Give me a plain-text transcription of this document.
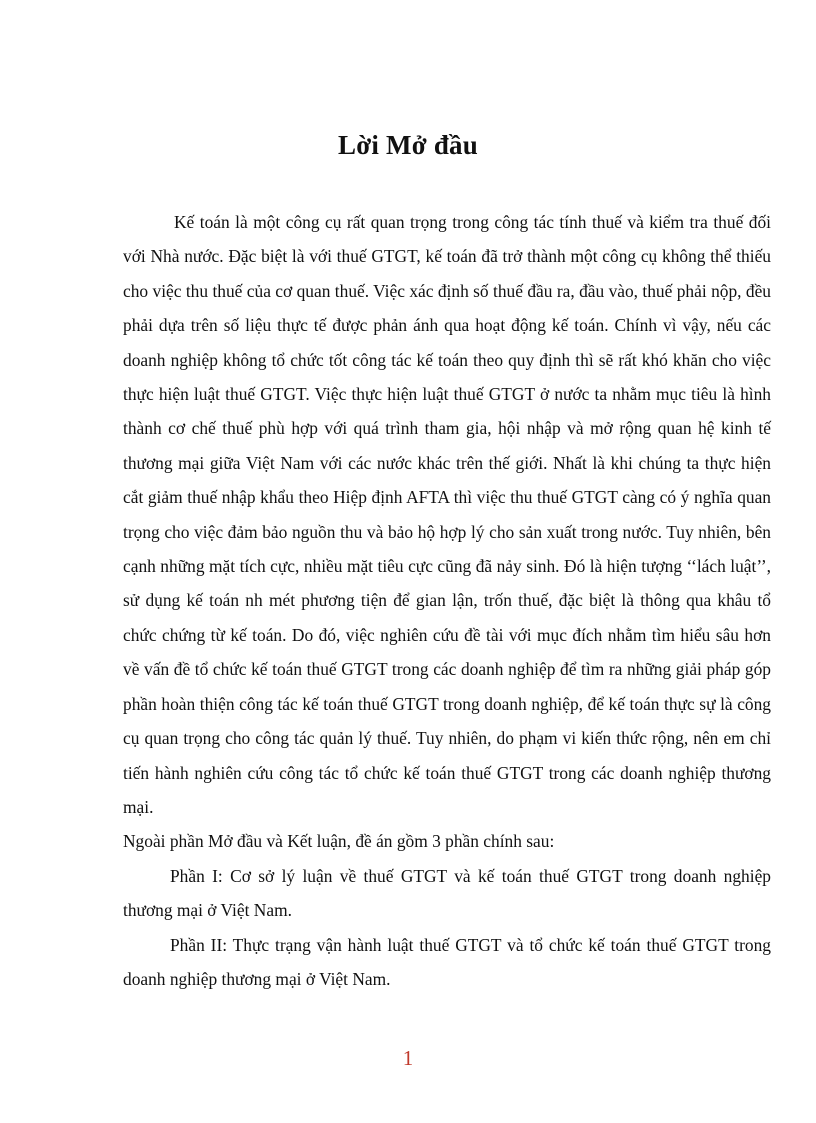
Lời Mở đầu

Kế toán là một công cụ rất quan trọng trong công tác tính thuế và kiểm tra thuế đối với Nhà nước. Đặc biệt là với thuế GTGT, kế toán đã trở thành một công cụ không thể thiếu cho việc thu thuế của cơ quan thuế. Việc xác định số thuế đầu ra, đầu vào, thuế phải nộp, đều phải dựa trên số liệu thực tế được phản ánh qua hoạt động kế toán. Chính vì vậy, nếu các doanh nghiệp không tổ chức tốt công tác kế toán theo quy định thì sẽ rất khó khăn cho việc thực hiện luật thuế GTGT. Việc thực hiện luật thuế GTGT ở nước ta nhằm mục tiêu là hình thành cơ chế thuế phù hợp với quá trình tham gia, hội nhập và mở rộng quan hệ kinh tế thương mại giữa Việt Nam với các nước khác trên thế giới. Nhất là khi chúng ta thực hiện cắt giảm thuế nhập khẩu theo Hiệp định AFTA thì việc thu thuế GTGT càng có ý nghĩa quan trọng cho việc đảm bảo nguồn thu và bảo hộ hợp lý cho sản xuất trong nước. Tuy nhiên, bên cạnh những mặt tích cực, nhiều mặt tiêu cực cũng đã nảy sinh. Đó là hiện tượng ‘‘lách luật’’, sử dụng kế toán nh mét phương tiện để gian lận, trốn thuế, đặc biệt là thông qua khâu tổ chức chứng từ kế toán. Do đó, việc nghiên cứu đề tài với mục đích nhằm tìm hiểu sâu hơn về vấn đề tổ chức kế toán thuế GTGT trong các doanh nghiệp để tìm ra những giải pháp góp phần hoàn thiện công tác kế toán thuế GTGT trong doanh nghiệp, để kế toán thực sự là công cụ quan trọng cho công tác quản lý thuế. Tuy nhiên, do phạm vi kiến thức rộng, nên em chỉ tiến hành nghiên cứu công tác tổ chức kế toán thuế GTGT trong các doanh nghiệp thương mại.

Ngoài phần Mở đầu và Kết luận, đề án gồm 3 phần chính sau:

Phần I: Cơ sở lý luận về thuế GTGT và kế toán thuế GTGT trong doanh nghiệp thương mại ở Việt Nam.

Phần II: Thực trạng vận hành luật thuế GTGT và tổ chức kế toán thuế GTGT trong doanh nghiệp thương mại ở Việt Nam.

1
